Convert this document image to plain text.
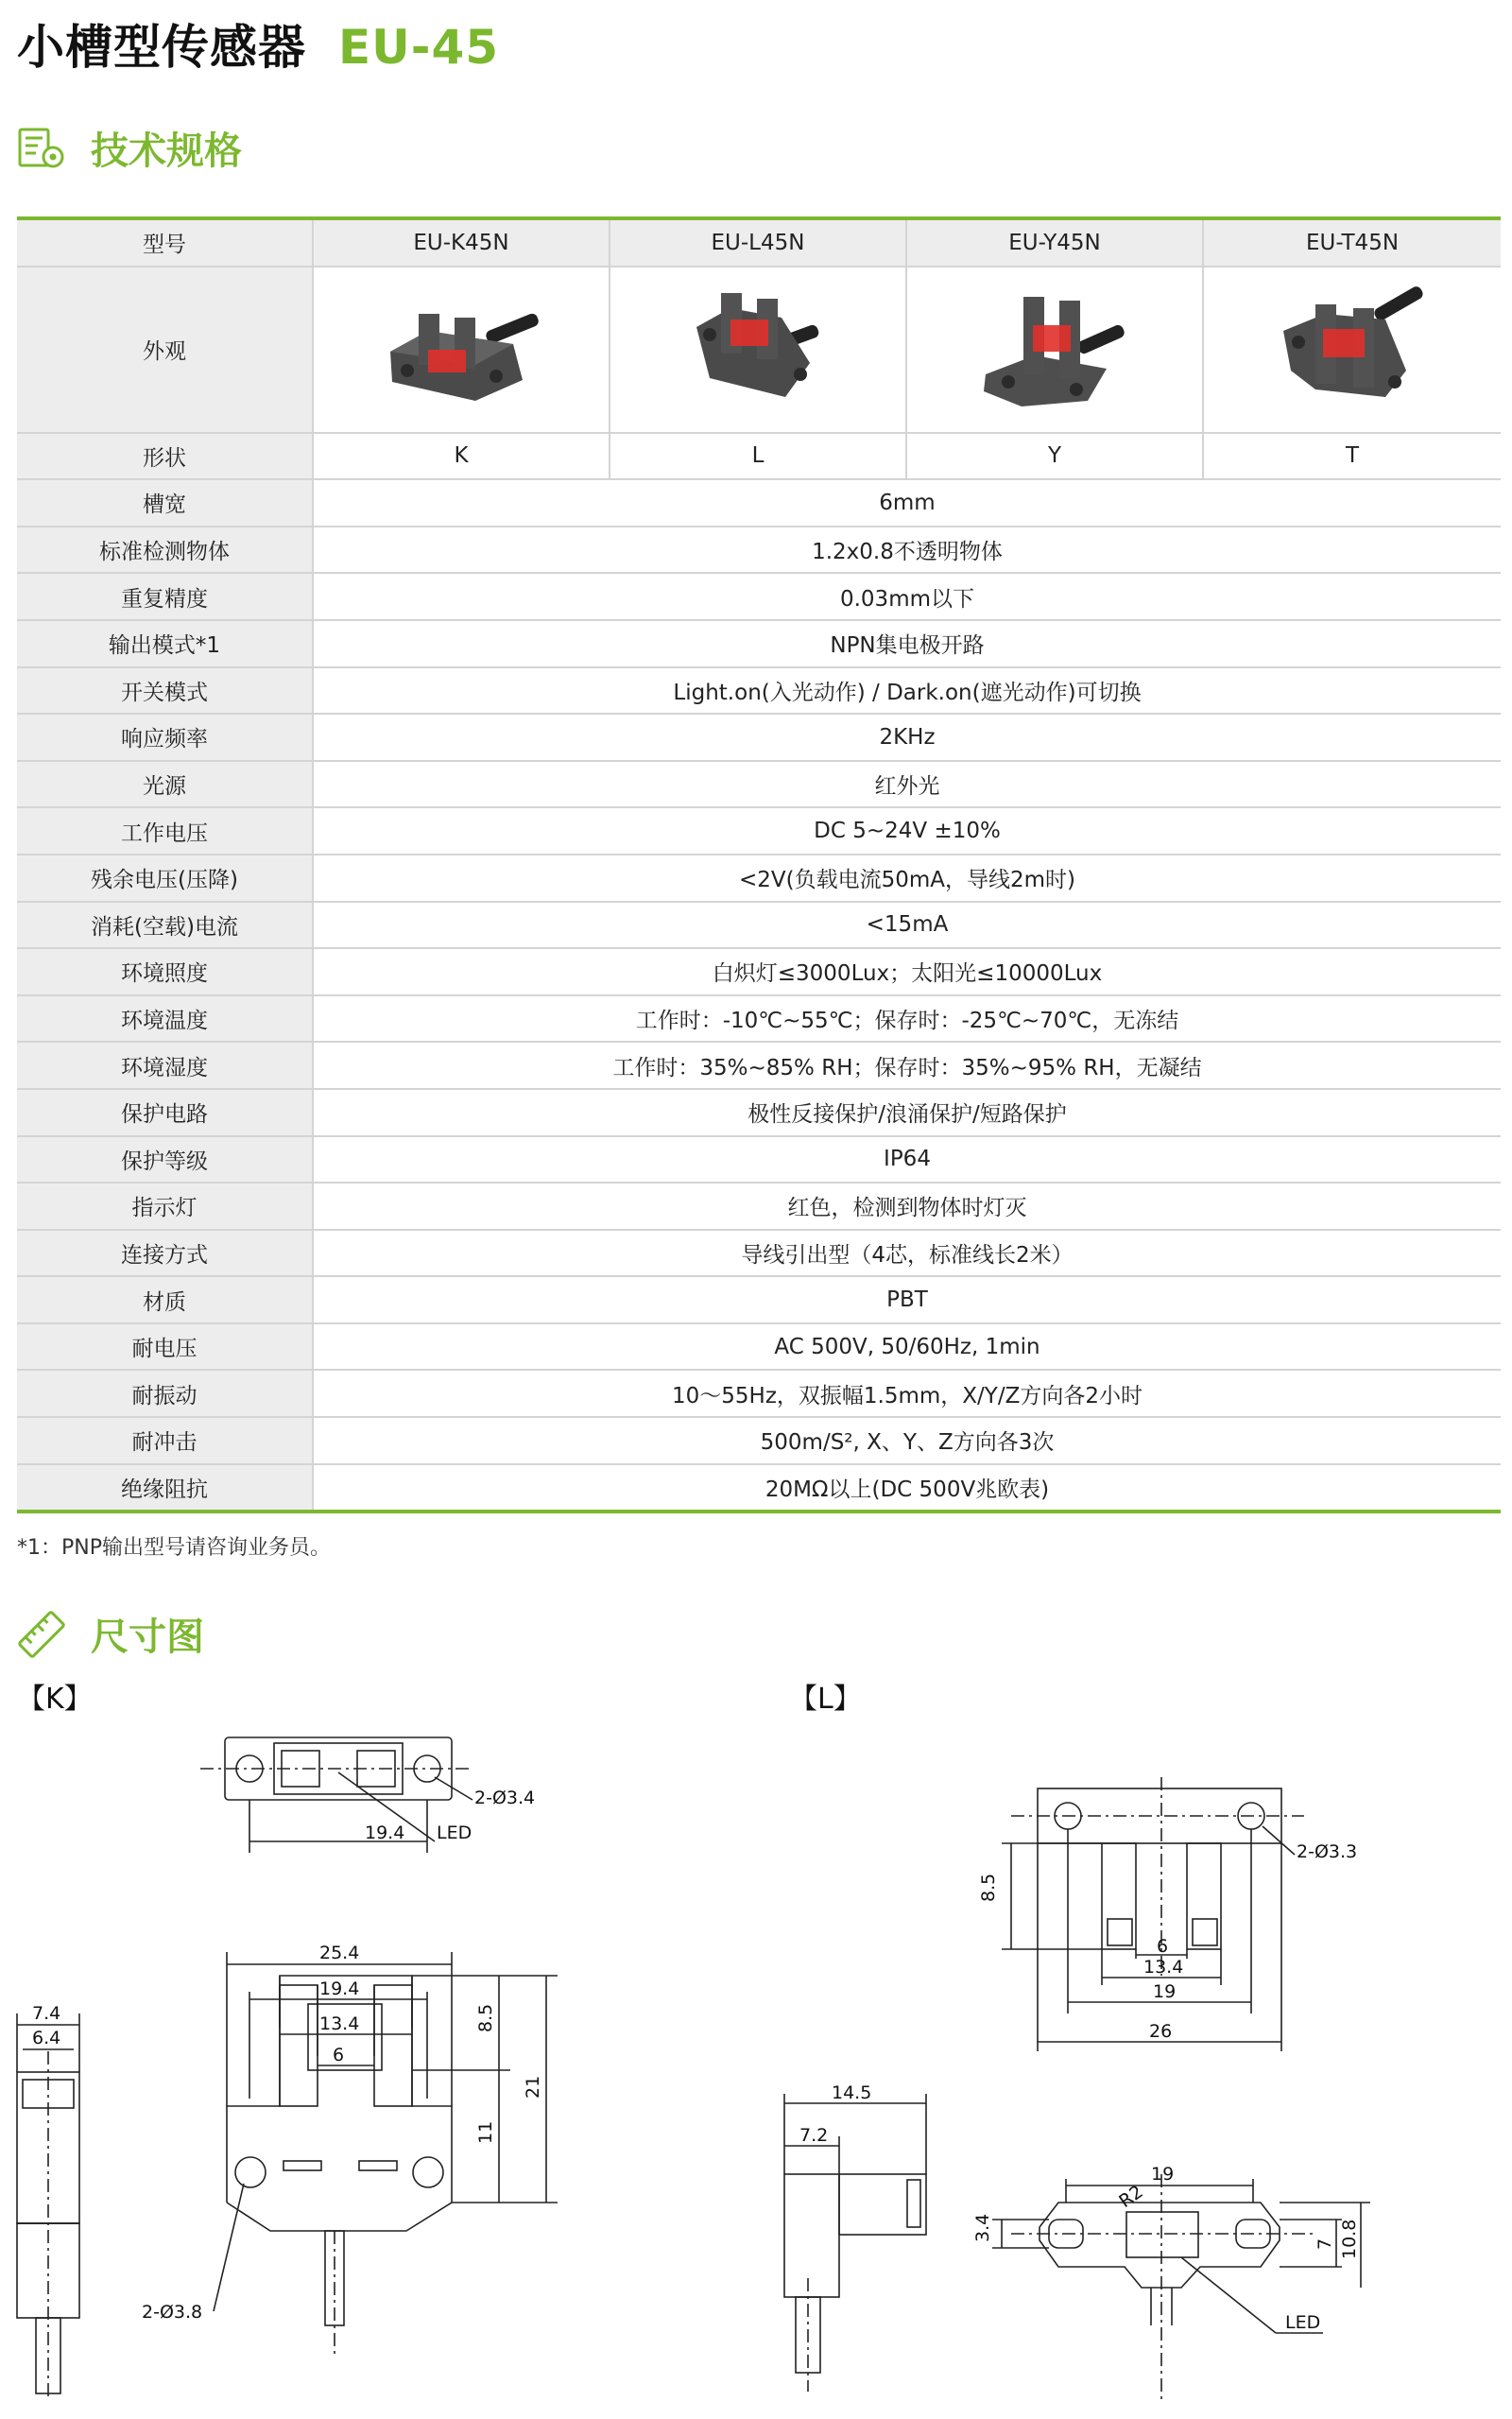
小槽型传感器 EU-45
技术规格
型号	EU-K45N	EU-L45N	EU-Y45N	EU-T45N
外观				
形状	K	L	Y	T
槽宽	6mm			
标准检测物体	1.2x0.8不透明物体			
重复精度	0.03mm以下			
输出模式*1	NPN集电极开路			
开关模式	Light.on(入光动作) / Dark.on(遮光动作)可切换			
响应频率	2KHz			
光源	红外光			
工作电压	DC 5~24V ±10%			
残余电压(压降)	<2V(负载电流50mA，导线2m时)			
消耗(空载)电流	<15mA			
环境照度	白炽灯≤3000Lux；太阳光≤10000Lux			
环境温度	工作时：-10℃~55℃；保存时：-25℃~70℃，无冻结			
环境湿度	工作时：35%~85% RH；保存时：35%~95% RH，无凝结			
保护电路	极性反接保护/浪涌保护/短路保护			
保护等级	IP64			
指示灯	红色，检测到物体时灯灭			
连接方式	导线引出型（4芯，标准线长2米）			
材质	PBT			
耐电压	AC 500V, 50/60Hz, 1min			
耐振动	10～55Hz，双振幅1.5mm，X/Y/Z方向各2小时			
耐冲击	500m/S², X、Y、Z方向各3次			
绝缘阻抗	20MΩ以上(DC 500V兆欧表)			
*1：PNP输出型号请咨询业务员。
尺寸图
【K】	【L】
19.4 LED
2-Ø3.4
25.4
19.4
13.4
6
8.5
11
21
7.4
6.4
2-Ø3.8
8.5
2-Ø3.3
6
13.4
19
26
14.5
7.2
19
R2
3.4
7 10.8
LED
